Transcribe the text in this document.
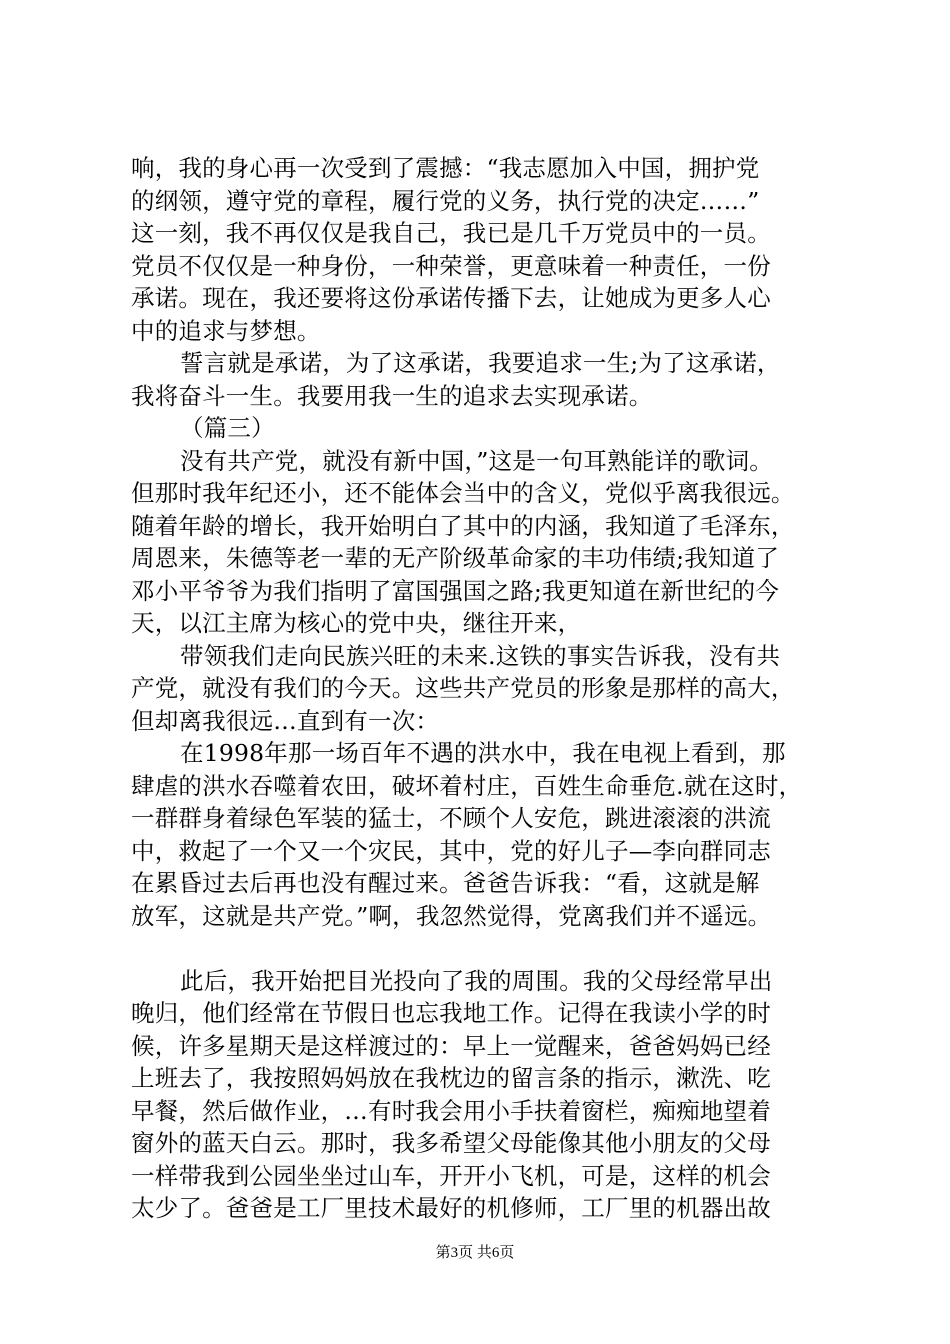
响，我的身心再一次受到了震撼：“我志愿加入中国，拥护党
的纲领，遵守党的章程，履行党的义务，执行党的决定……”
这一刻，我不再仅仅是我自己，我已是几千万党员中的一员。
党员不仅仅是一种身份，一种荣誉，更意味着一种责任，一份
承诺。现在，我还要将这份承诺传播下去，让她成为更多人心
中的追求与梦想。
誓言就是承诺，为了这承诺，我要追求一生;为了这承诺，
我将奋斗一生。我要用我一生的追求去实现承诺。
（篇三）
没有共产党，就没有新中国，”这是一句耳熟能详的歌词。
但那时我年纪还小，还不能体会当中的含义，党似乎离我很远。
随着年龄的增长，我开始明白了其中的内涵，我知道了毛泽东，
周恩来，朱德等老一辈的无产阶级革命家的丰功伟绩;我知道了
邓小平爷爷为我们指明了富国强国之路;我更知道在新世纪的今
天，以江主席为核心的党中央，继往开来，
带领我们走向民族兴旺的未来.这铁的事实告诉我，没有共
产党，就没有我们的今天。这些共产党员的形象是那样的高大，
但却离我很远…直到有一次：
在1998年那一场百年不遇的洪水中，我在电视上看到，那
肆虐的洪水吞噬着农田，破坏着村庄，百姓生命垂危.就在这时，
一群群身着绿色军装的猛士，不顾个人安危，跳进滚滚的洪流
中，救起了一个又一个灾民，其中，党的好儿子—李向群同志
在累昏过去后再也没有醒过来。爸爸告诉我：“看，这就是解
放军，这就是共产党。”啊，我忽然觉得，党离我们并不遥远。
此后，我开始把目光投向了我的周围。我的父母经常早出
晚归，他们经常在节假日也忘我地工作。记得在我读小学的时
候，许多星期天是这样渡过的：早上一觉醒来，爸爸妈妈已经
上班去了，我按照妈妈放在我枕边的留言条的指示，漱洗、吃
早餐，然后做作业，…有时我会用小手扶着窗栏，痴痴地望着
窗外的蓝天白云。那时，我多希望父母能像其他小朋友的父母
一样带我到公园坐坐过山车，开开小飞机，可是，这样的机会
太少了。爸爸是工厂里技术最好的机修师，工厂里的机器出故
第3页 共6页
